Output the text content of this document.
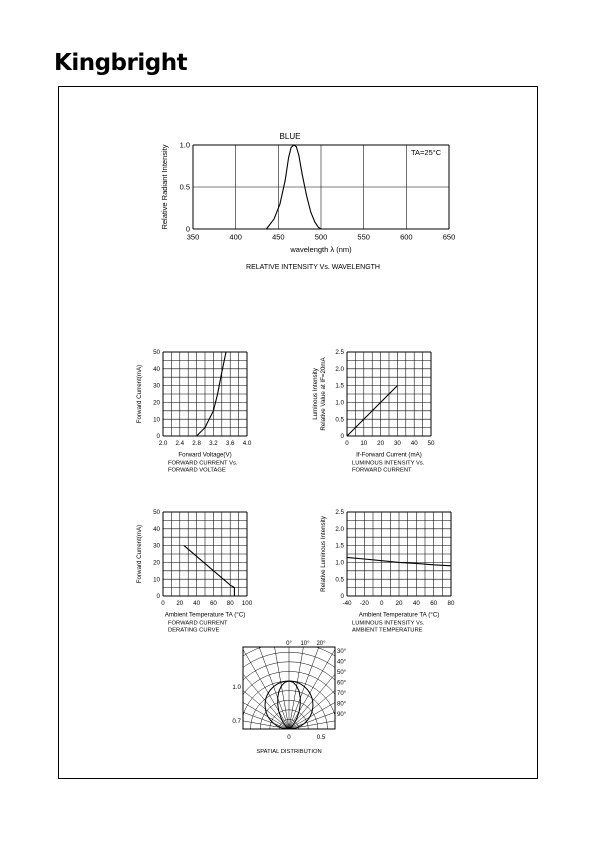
Kingbright
350	400	450	500	550	600	650
0
0.5
1.0
wavelength λ (nm)
Relative Radiant Intensity
RELATIVE INTENSITY Vs. WAVELENGTH
2.0 2.4 2.8 3.2 3.6 4.0
0
10
20
30
40
50
Forward Voltage(V)
Forward Current(mA)
FORWARD CURRENT Vs.
FORWARD VOLTAGE
0 10 20 30 40 50
0
0.5
1.0
1.5
2.0
2.5
If-Forward Current (mA)
Luminous Intensity Relative Value at IF=20mA
LUMINOUS INTENSITY Vs.
FORWARD CURRENT
0 20 40 60 80 100
0
10
20
30
40
50
Ambient Temperature TA (°C)
Forward Current(mA)
FORWARD CURRENT
DERATING CURVE
-40 -20 0 20 40 60 80
0
0.5
1.0
1.5
2.0
2.5
Ambient Temperature TA (°C)
Relative Luminous Intensity
LUMINOUS INTENSITY Vs.
AMBIENT TEMPERATURE
BLUE
TA=25°C
0° 10° 20°
30°
40°
50°
60°
70°
80°
90°
1.0
0.7
0	0.5
SPATIAL DISTRIBUTION
